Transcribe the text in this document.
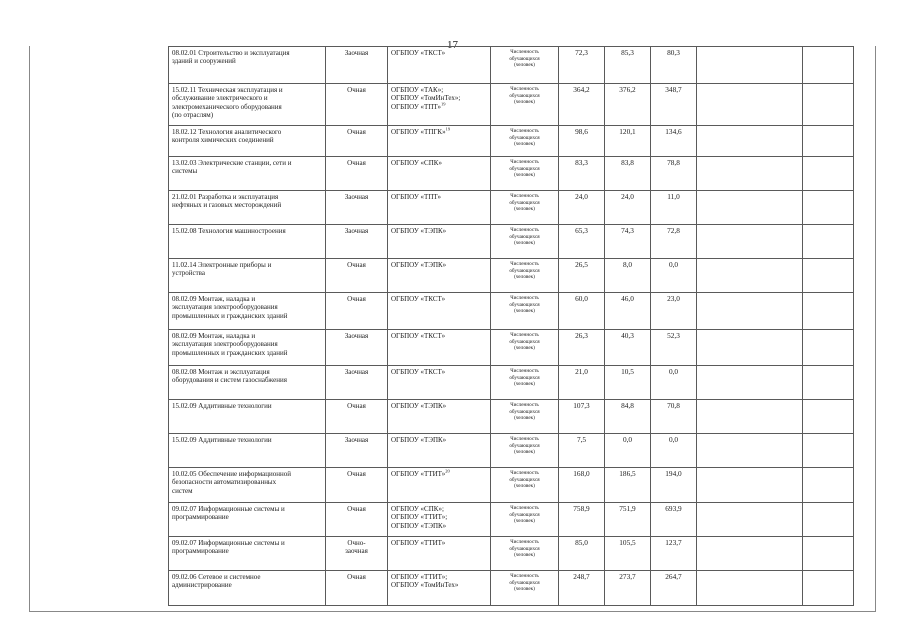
17
08.02.01 Строительство и эксплуатация
зданий и сооружений	Заочная	ОГБПОУ «ТКСТ»	Численность
обучающихся
(человек)	72,3	85,3	80,3		

15.02.11 Техническая эксплуатация и
обслуживание электрического и
электромеханического оборудования
(по отраслям)	Очная	ОГБПОУ «ТАК»;
ОГБПОУ «ТомИнТех»;
ОГБПОУ «ТПТ»$^{19}$	Численность
обучающихся
(человек)	364,2	376,2	348,7		

18.02.12 Технология аналитического
контроля химических соединений	Очная	ОГБПОУ «ТПГК»$^{19}$	Численность
обучающихся
(человек)	98,6	120,1	134,6		

13.02.03 Электрические станции, сети и
системы	Очная	ОГБПОУ «СПК»	Численность
обучающихся
(человек)	83,3	83,8	78,8		

21.02.01 Разработка и эксплуатация
нефтяных и газовых месторождений	Заочная	ОГБПОУ «ТПТ»	Численность
обучающихся
(человек)	24,0	24,0	11,0		

15.02.08 Технология машиностроения	Заочная	ОГБПОУ «ТЭПК»	Численность
обучающихся
(человек)	65,3	74,3	72,8		

11.02.14 Электронные приборы и
устройства	Очная	ОГБПОУ «ТЭПК»	Численность
обучающихся
(человек)	26,5	8,0	0,0		

08.02.09 Монтаж, наладка и
эксплуатация электрооборудования
промышленных и гражданских зданий	Очная	ОГБПОУ «ТКСТ»	Численность
обучающихся
(человек)	60,0	46,0	23,0		

08.02.09 Монтаж, наладка и
эксплуатация электрооборудования
промышленных и гражданских зданий	Заочная	ОГБПОУ «ТКСТ»	Численность
обучающихся
(человек)	26,3	40,3	52,3		

08.02.08 Монтаж и эксплуатация
оборудования и систем газоснабжения	Заочная	ОГБПОУ «ТКСТ»	Численность
обучающихся
(человек)	21,0	10,5	0,0		

15.02.09 Аддитивные технологии	Очная	ОГБПОУ «ТЭПК»	Численность
обучающихся
(человек)	107,3	84,8	70,8		

15.02.09 Аддитивные технологии	Заочная	ОГБПОУ «ТЭПК»	Численность
обучающихся
(человек)	7,5	0,0	0,0		

10.02.05 Обеспечение информационной
безопасности автоматизированных
систем	Очная	ОГБПОУ «ТТИТ»$^{20}$	Численность
обучающихся
(человек)	168,0	186,5	194,0		

09.02.07 Информационные системы и
программирование	Очная	ОГБПОУ «СПК»;
ОГБПОУ «ТТИТ»;
ОГБПОУ «ТЭПК»	Численность
обучающихся
(человек)	758,9	751,9	693,9		

09.02.07 Информационные системы и
программирование	Очно-
заочная	ОГБПОУ «ТТИТ»	Численность
обучающихся
(человек)	85,0	105,5	123,7		

09.02.06 Сетевое и системное
администрирование	Очная	ОГБПОУ «ТТИТ»;
ОГБПОУ «ТомИнТех»	Численность
обучающихся
(человек)	248,7	273,7	264,7		
